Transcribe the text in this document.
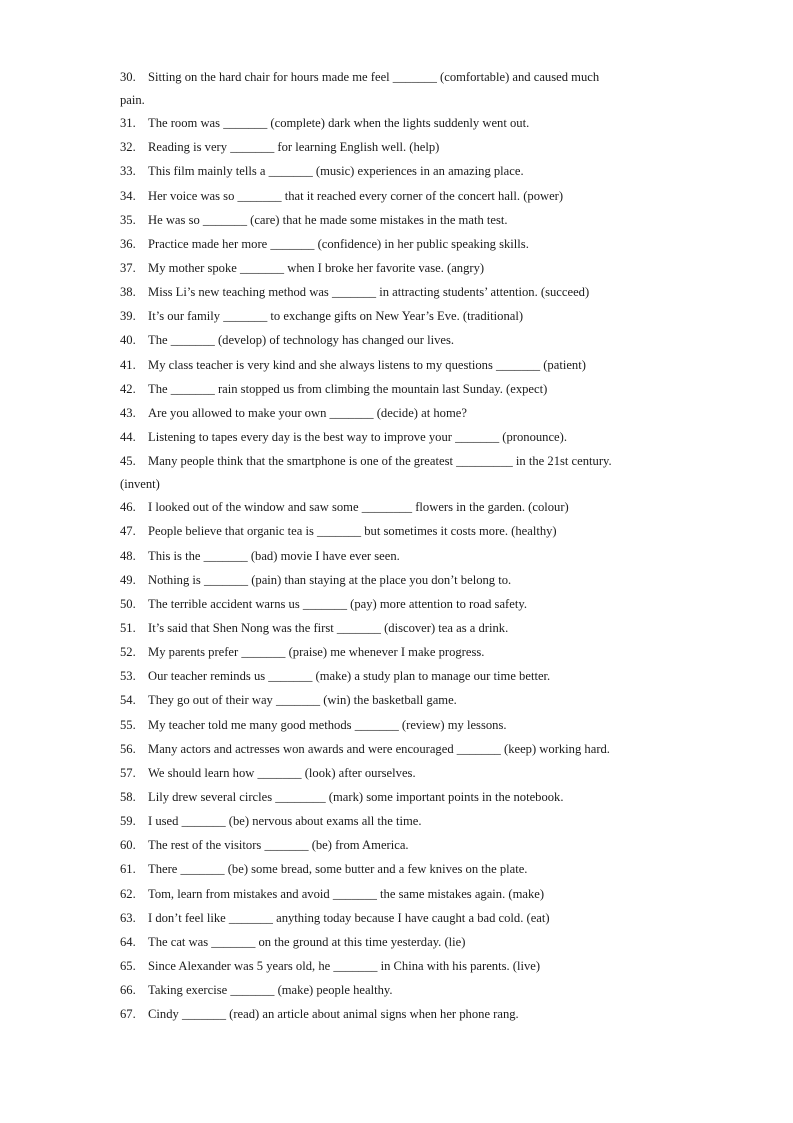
30. Sitting on the hard chair for hours made me feel _______ (comfortable) and caused much
pain.
31. The room was _______ (complete) dark when the lights suddenly went out.
32. Reading is very _______ for learning English well. (help)
33. This film mainly tells a _______ (music) experiences in an amazing place.
34. Her voice was so _______ that it reached every corner of the concert hall. (power)
35. He was so _______ (care) that he made some mistakes in the math test.
36. Practice made her more _______ (confidence) in her public speaking skills.
37. My mother spoke _______ when I broke her favorite vase. (angry)
38. Miss Li’s new teaching method was _______ in attracting students’ attention. (succeed)
39. It’s our family _______ to exchange gifts on New Year’s Eve. (traditional)
40. The _______ (develop) of technology has changed our lives.
41. My class teacher is very kind and she always listens to my questions _______ (patient)
42. The _______ rain stopped us from climbing the mountain last Sunday. (expect)
43. Are you allowed to make your own _______ (decide) at home?
44. Listening to tapes every day is the best way to improve your _______ (pronounce).
45. Many people think that the smartphone is one of the greatest _________ in the 21st century.
(invent)
46. I looked out of the window and saw some ________ flowers in the garden. (colour)
47. People believe that organic tea is _______ but sometimes it costs more. (healthy)
48. This is the _______ (bad) movie I have ever seen.
49. Nothing is _______ (pain) than staying at the place you don’t belong to.
50. The terrible accident warns us _______ (pay) more attention to road safety.
51. It’s said that Shen Nong was the first _______ (discover) tea as a drink.
52. My parents prefer _______ (praise) me whenever I make progress.
53. Our teacher reminds us _______ (make) a study plan to manage our time better.
54. They go out of their way _______ (win) the basketball game.
55. My teacher told me many good methods _______ (review) my lessons.
56. Many actors and actresses won awards and were encouraged _______ (keep) working hard.
57. We should learn how _______ (look) after ourselves.
58. Lily drew several circles ________ (mark) some important points in the notebook.
59. I used _______ (be) nervous about exams all the time.
60. The rest of the visitors _______ (be) from America.
61. There _______ (be) some bread, some butter and a few knives on the plate.
62. Tom, learn from mistakes and avoid _______ the same mistakes again. (make)
63. I don’t feel like _______ anything today because I have caught a bad cold. (eat)
64. The cat was _______ on the ground at this time yesterday. (lie)
65. Since Alexander was 5 years old, he _______ in China with his parents. (live)
66. Taking exercise _______ (make) people healthy.
67. Cindy _______ (read) an article about animal signs when her phone rang.
